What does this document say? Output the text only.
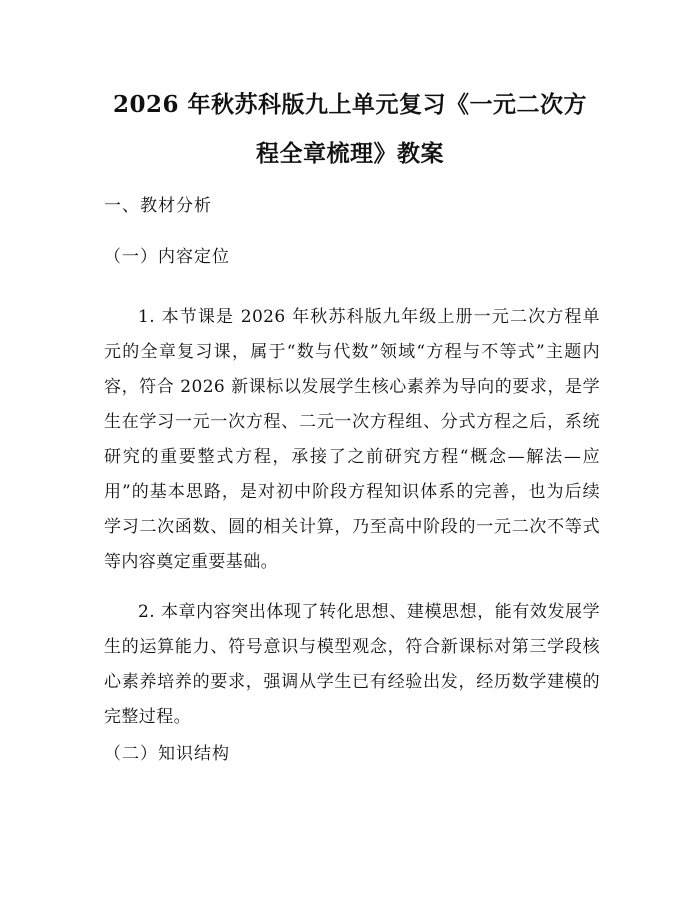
2026 年秋苏科版九上单元复习《一元二次方
程全章梳理》教案
一、教材分析
（一）内容定位

1. 本节课是 2026 年秋苏科版九年级上册一元二次方程单元的全章复习课，属于“数与代数”领域“方程与不等式”主题内容，符合 2026 新课标以发展学生核心素养为导向的要求，是学生在学习一元一次方程、二元一次方程组、分式方程之后，系统研究的重要整式方程，承接了之前研究方程“概念—解法—应用”的基本思路，是对初中阶段方程知识体系的完善，也为后续学习二次函数、圆的相关计算，乃至高中阶段的一元二次不等式等内容奠定重要基础。

2. 本章内容突出体现了转化思想、建模思想，能有效发展学生的运算能力、符号意识与模型观念，符合新课标对第三学段核心素养培养的要求，强调从学生已有经验出发，经历数学建模的完整过程。

（二）知识结构
